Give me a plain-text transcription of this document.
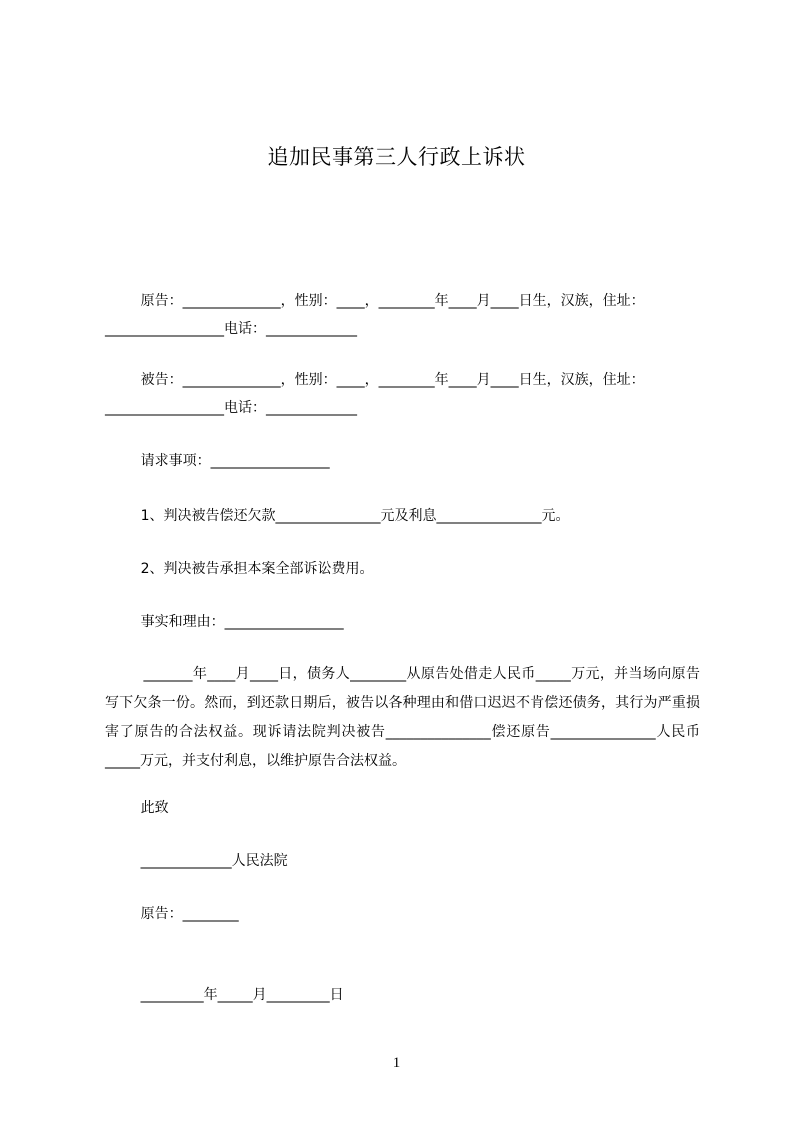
追加民事第三人行政上诉状
原告：______________，性别：____，________年____月____日生，汉族，住址：
_________________电话：_____________
被告：______________，性别：____，________年____月____日生，汉族，住址：
_________________电话：_____________
请求事项：_________________
1、判决被告偿还欠款_______________元及利息_______________元。
2、判决被告承担本案全部诉讼费用。
事实和理由：_________________
_______年____月____日，债务人________从原告处借走人民币_____万元，并当场向原告写下欠条一份。然而，到还款日期后，被告以各种理由和借口迟迟不肯偿还债务，其行为严重损害了原告的合法权益。现诉请法院判决被告_______________偿还原告_______________人民币_____万元，并支付利息，以维护原告合法权益。
此致
_____________人民法院
原告：________
_________年_____月_________日
1
